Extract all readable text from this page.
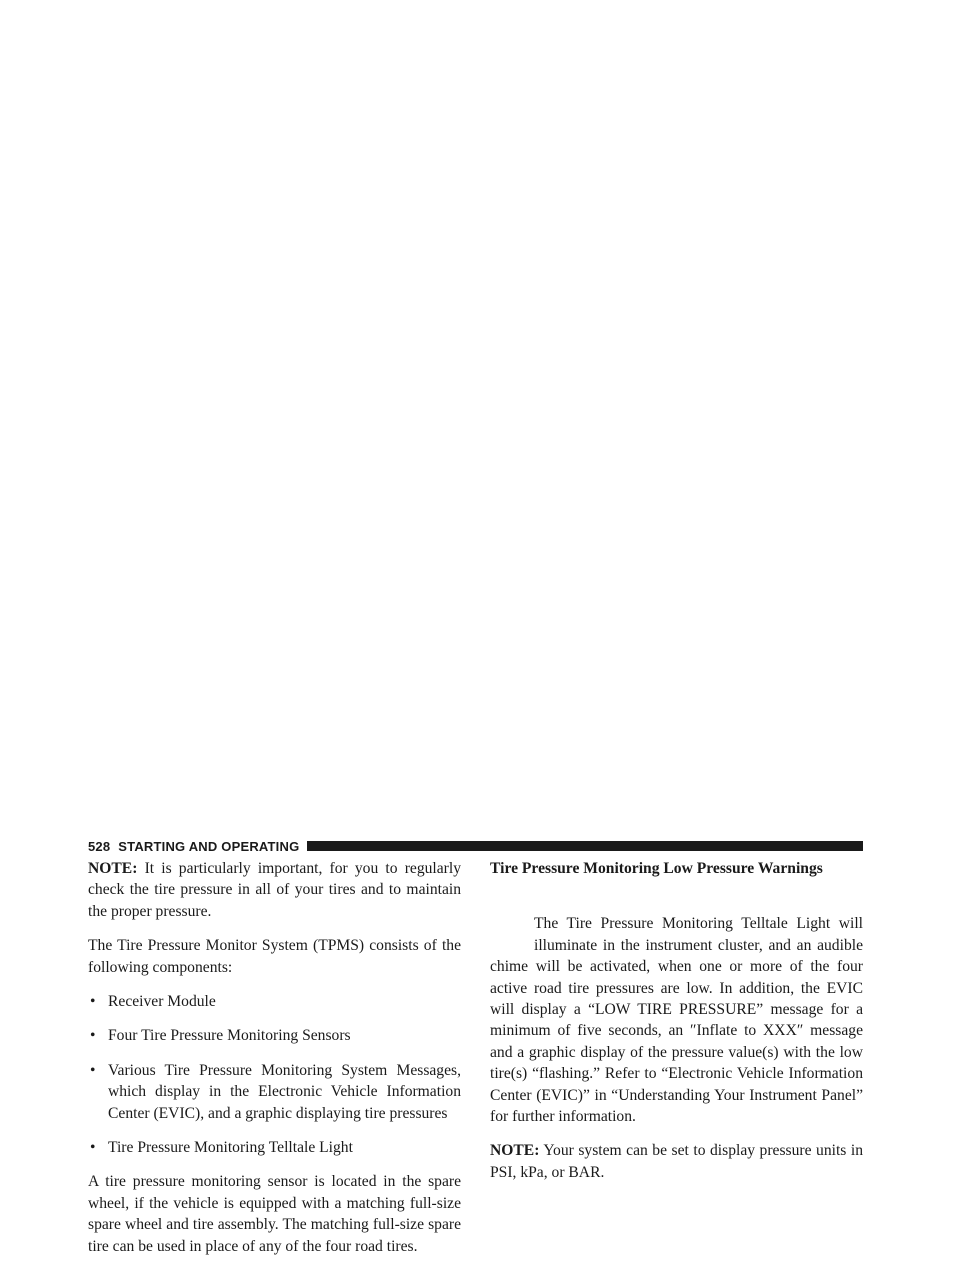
528 STARTING AND OPERATING

NOTE: It is particularly important, for you to regularly check the tire pressure in all of your tires and to maintain the proper pressure.

The Tire Pressure Monitor System (TPMS) consists of the following components:

• Receiver Module
• Four Tire Pressure Monitoring Sensors
• Various Tire Pressure Monitoring System Messages, which display in the Electronic Vehicle Information Center (EVIC), and a graphic displaying tire pressures
• Tire Pressure Monitoring Telltale Light

A tire pressure monitoring sensor is located in the spare wheel, if the vehicle is equipped with a matching full-size spare wheel and tire assembly. The matching full-size spare tire can be used in place of any of the four road tires.

Tire Pressure Monitoring Low Pressure Warnings

The Tire Pressure Monitoring Telltale Light will illuminate in the instrument cluster, and an audible chime will be activated, when one or more of the four active road tire pressures are low. In addition, the EVIC will display a “LOW TIRE PRESSURE” message for a minimum of five seconds, an ″Inflate to XXX″ message and a graphic display of the pressure value(s) with the low tire(s) “flashing.” Refer to “Electronic Vehicle Information Center (EVIC)” in “Understanding Your Instrument Panel” for further information.

NOTE: Your system can be set to display pressure units in PSI, kPa, or BAR.
